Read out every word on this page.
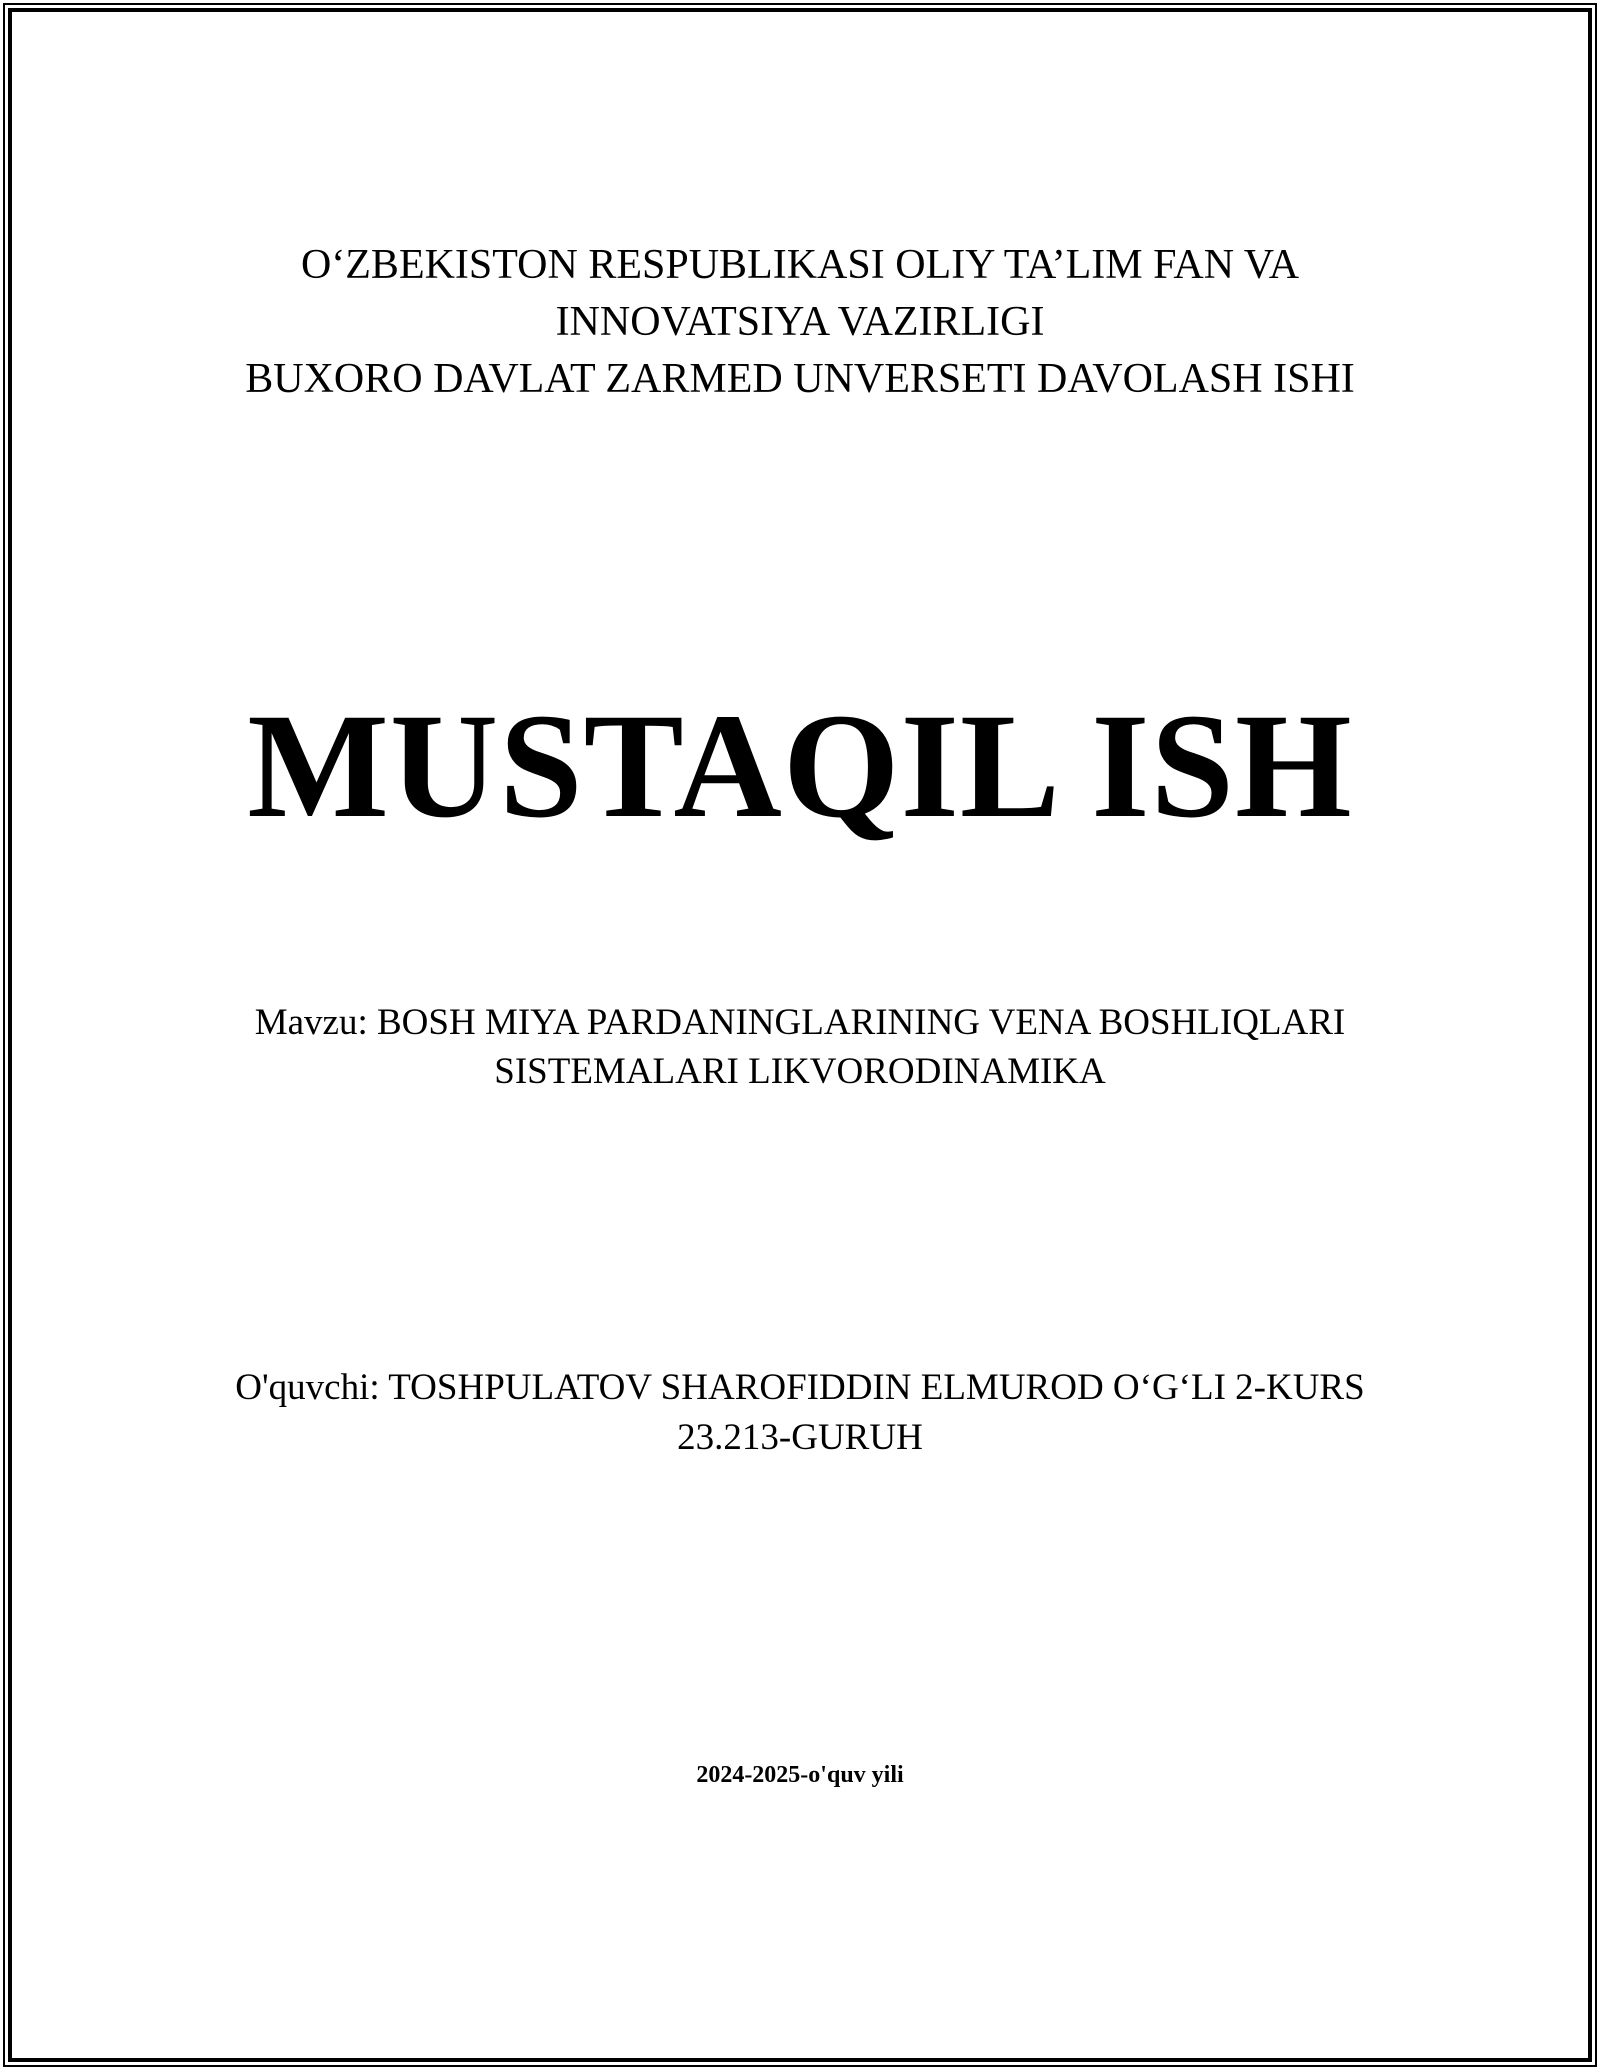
O‘ZBEKISTON RESPUBLIKASI OLIY TA’LIM FAN VA
INNOVATSIYA VAZIRLIGI
BUXORO DAVLAT ZARMED UNVERSETI DAVOLASH ISHI
MUSTAQIL ISH
Mavzu: BOSH MIYA PARDANINGLARINING VENA BOSHLIQLARI
SISTEMALARI LIKVORODINAMIKA
O'quvchi: TOSHPULATOV SHAROFIDDIN ELMUROD O‘G‘LI 2-KURS
23.213-GURUH
2024-2025-o'quv yili
